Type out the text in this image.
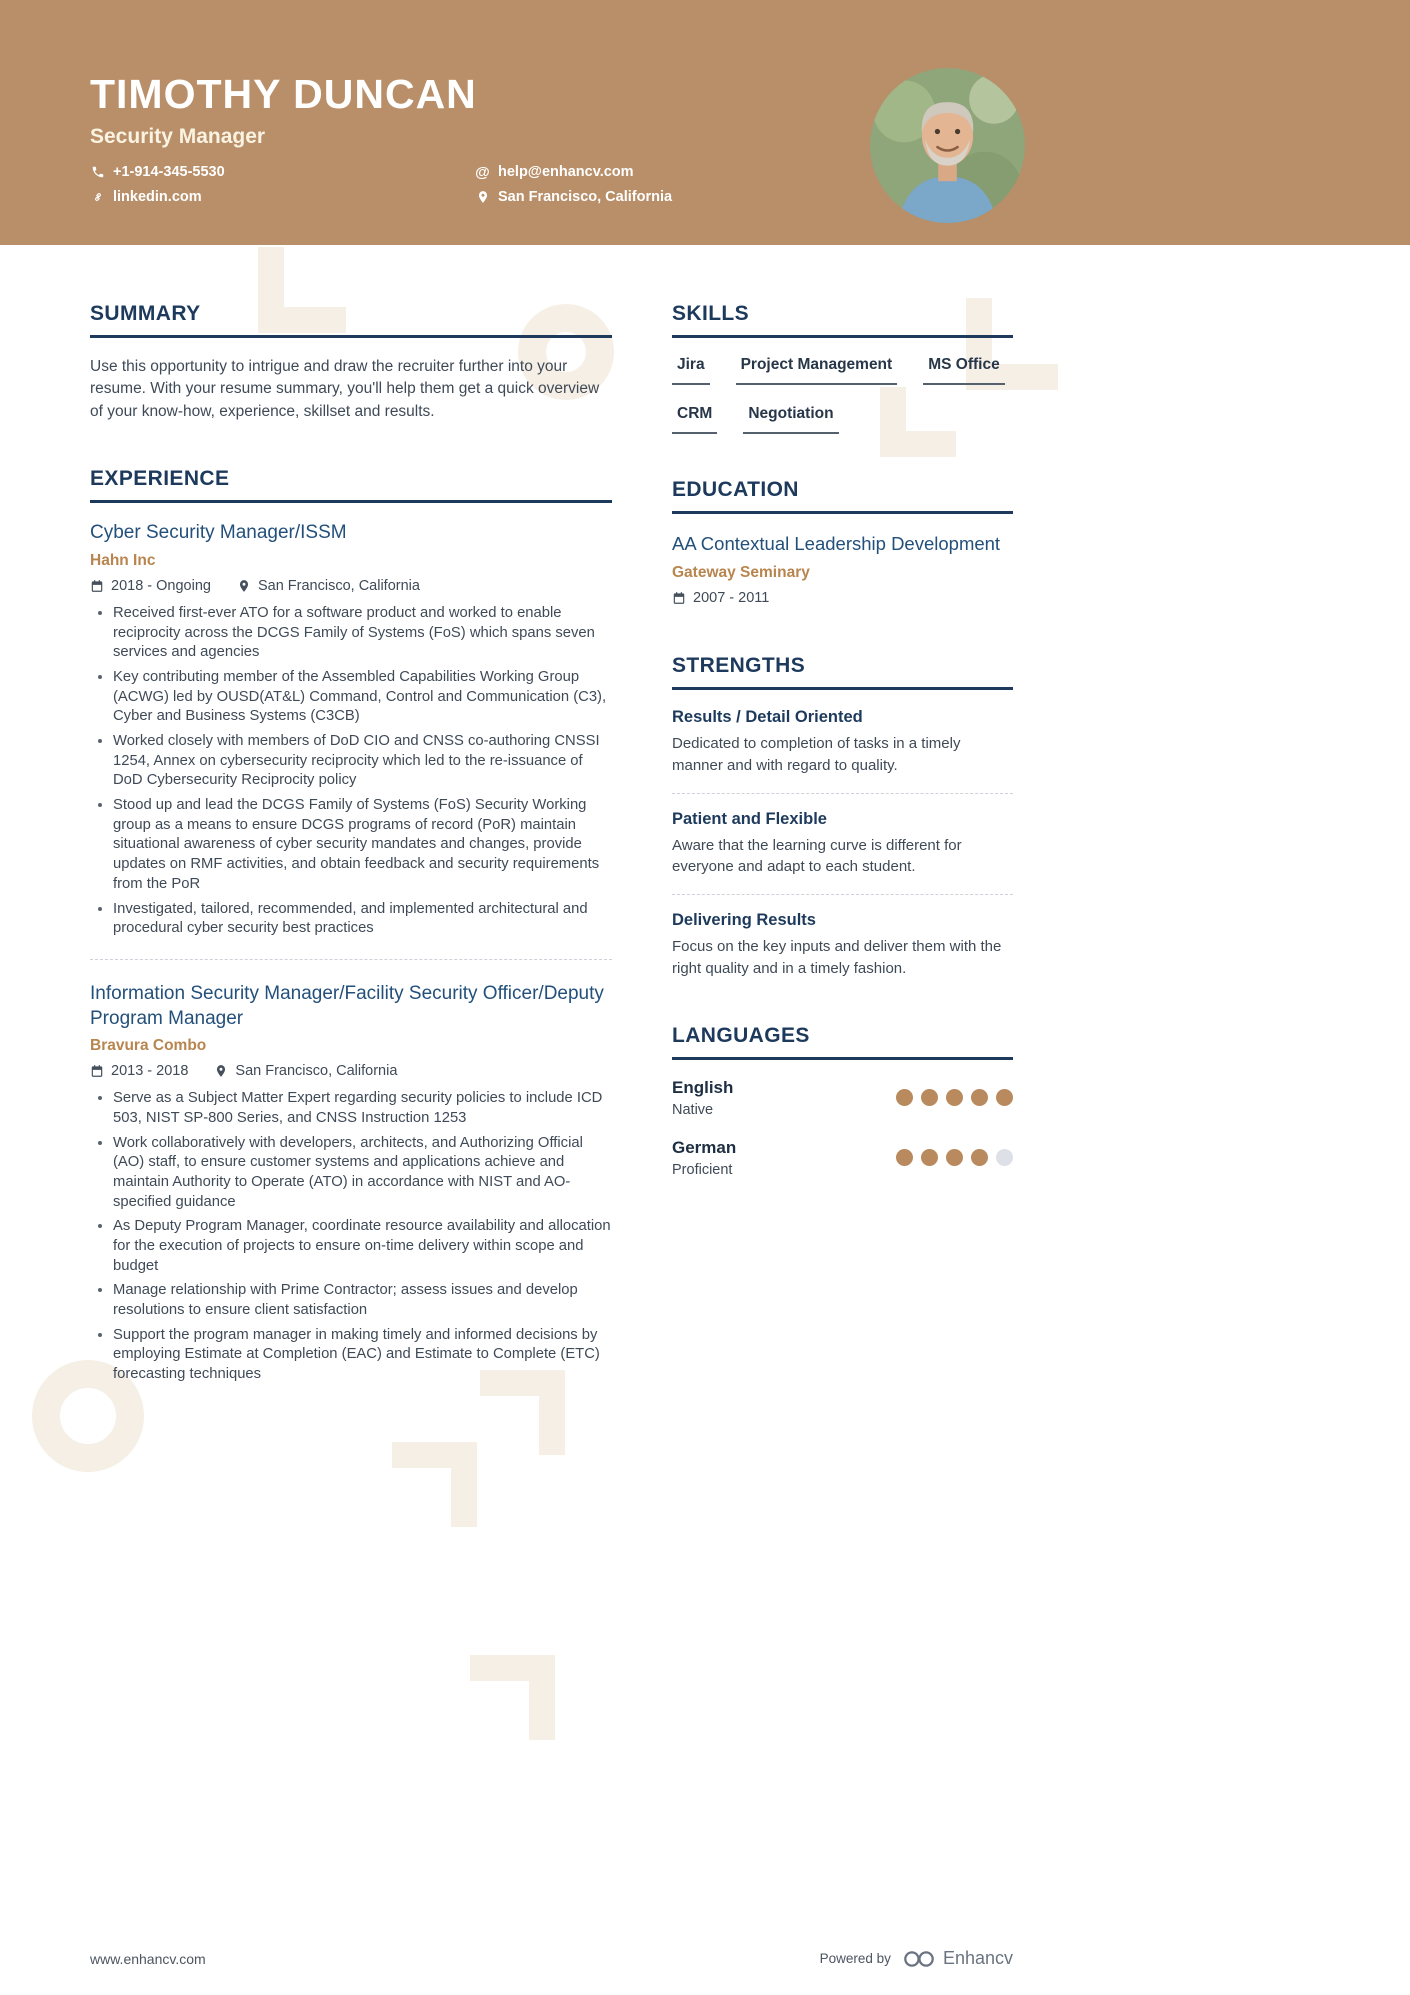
TIMOTHY DUNCAN
Security Manager
+1-914-345-5530	@ help@enhancv.com
linkedin.com	San Francisco, California
SUMMARY

Use this opportunity to intrigue and draw the recruiter further into your resume. With your resume summary, you'll help them get a quick overview of your know-how, experience, skillset and results.

EXPERIENCE
Cyber Security Manager/ISSM
Hahn Inc
2018 - Ongoing	San Francisco, California
• Received first-ever ATO for a software product and worked to enable reciprocity across the DCGS Family of Systems (FoS) which spans seven services and agencies
• Key contributing member of the Assembled Capabilities Working Group (ACWG) led by OUSD(AT&L) Command, Control and Communication (C3), Cyber and Business Systems (C3CB)
• Worked closely with members of DoD CIO and CNSS co-authoring CNSSI 1254, Annex on cybersecurity reciprocity which led to the re-issuance of DoD Cybersecurity Reciprocity policy
• Stood up and lead the DCGS Family of Systems (FoS) Security Working group as a means to ensure DCGS programs of record (PoR) maintain situational awareness of cyber security mandates and changes, provide updates on RMF activities, and obtain feedback and security requirements from the PoR
• Investigated, tailored, recommended, and implemented architectural and procedural cyber security best practices
Information Security Manager/Facility Security Officer/Deputy Program Manager
Bravura Combo
2013 - 2018	San Francisco, California
• Serve as a Subject Matter Expert regarding security policies to include ICD 503, NIST SP-800 Series, and CNSS Instruction 1253
• Work collaboratively with developers, architects, and Authorizing Official (AO) staff, to ensure customer systems and applications achieve and maintain Authority to Operate (ATO) in accordance with NIST and AO-specified guidance
• As Deputy Program Manager, coordinate resource availability and allocation for the execution of projects to ensure on-time delivery within scope and budget
• Manage relationship with Prime Contractor; assess issues and develop resolutions to ensure client satisfaction
• Support the program manager in making timely and informed decisions by employing Estimate at Completion (EAC) and Estimate to Complete (ETC) forecasting techniques
SKILLS
Jira	Project Management	MS Office
CRM	Negotiation
EDUCATION
AA Contextual Leadership Development
Gateway Seminary
2007 - 2011
STRENGTHS
Results / Detail Oriented
Dedicated to completion of tasks in a timely manner and with regard to quality.
Patient and Flexible
Aware that the learning curve is different for everyone and adapt to each student.
Delivering Results
Focus on the key inputs and deliver them with the right quality and in a timely fashion.
LANGUAGES
English
Native
German
Proficient
www.enhancv.com	Powered by	Enhancv
